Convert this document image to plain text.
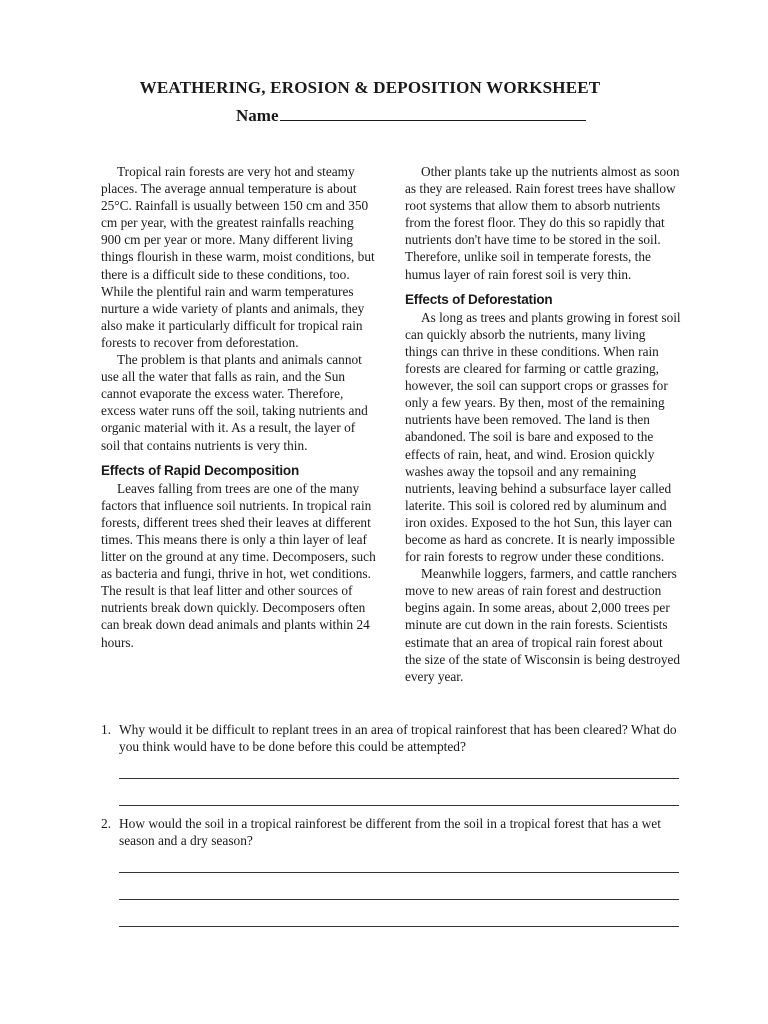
WEATHERING, EROSION & DEPOSITION WORKSHEET
Name

Tropical rain forests are very hot and steamy places. The average annual temperature is about 25°C. Rainfall is usually between 150 cm and 350 cm per year, with the greatest rainfalls reaching 900 cm per year or more. Many different living things flourish in these warm, moist conditions, but there is a difficult side to these conditions, too. While the plentiful rain and warm temperatures nurture a wide variety of plants and animals, they also make it particularly difficult for tropical rain forests to recover from deforestation.

The problem is that plants and animals cannot use all the water that falls as rain, and the Sun cannot evaporate the excess water. Therefore, excess water runs off the soil, taking nutrients and organic material with it. As a result, the layer of soil that contains nutrients is very thin.

Effects of Rapid Decomposition

Leaves falling from trees are one of the many factors that influence soil nutrients. In tropical rain forests, different trees shed their leaves at different times. This means there is only a thin layer of leaf litter on the ground at any time. Decomposers, such as bacteria and fungi, thrive in hot, wet conditions. The result is that leaf litter and other sources of nutrients break down quickly. Decomposers often can break down dead animals and plants within 24 hours.

Other plants take up the nutrients almost as soon as they are released. Rain forest trees have shallow root systems that allow them to absorb nutrients from the forest floor. They do this so rapidly that nutrients don't have time to be stored in the soil. Therefore, unlike soil in temperate forests, the humus layer of rain forest soil is very thin.

Effects of Deforestation

As long as trees and plants growing in forest soil can quickly absorb the nutrients, many living things can thrive in these conditions. When rain forests are cleared for farming or cattle grazing, however, the soil can support crops or grasses for only a few years. By then, most of the remaining nutrients have been removed. The land is then abandoned. The soil is bare and exposed to the effects of rain, heat, and wind. Erosion quickly washes away the topsoil and any remaining nutrients, leaving behind a subsurface layer called laterite. This soil is colored red by aluminum and iron oxides. Exposed to the hot Sun, this layer can become as hard as concrete. It is nearly impossible for rain forests to regrow under these conditions.

Meanwhile loggers, farmers, and cattle ranchers move to new areas of rain forest and destruction begins again. In some areas, about 2,000 trees per minute are cut down in the rain forests. Scientists estimate that an area of tropical rain forest about the size of the state of Wisconsin is being destroyed every year.

1. Why would it be difficult to replant trees in an area of tropical rainforest that has been cleared? What do you think would have to be done before this could be attempted?
2. How would the soil in a tropical rainforest be different from the soil in a tropical forest that has a wet season and a dry season?
